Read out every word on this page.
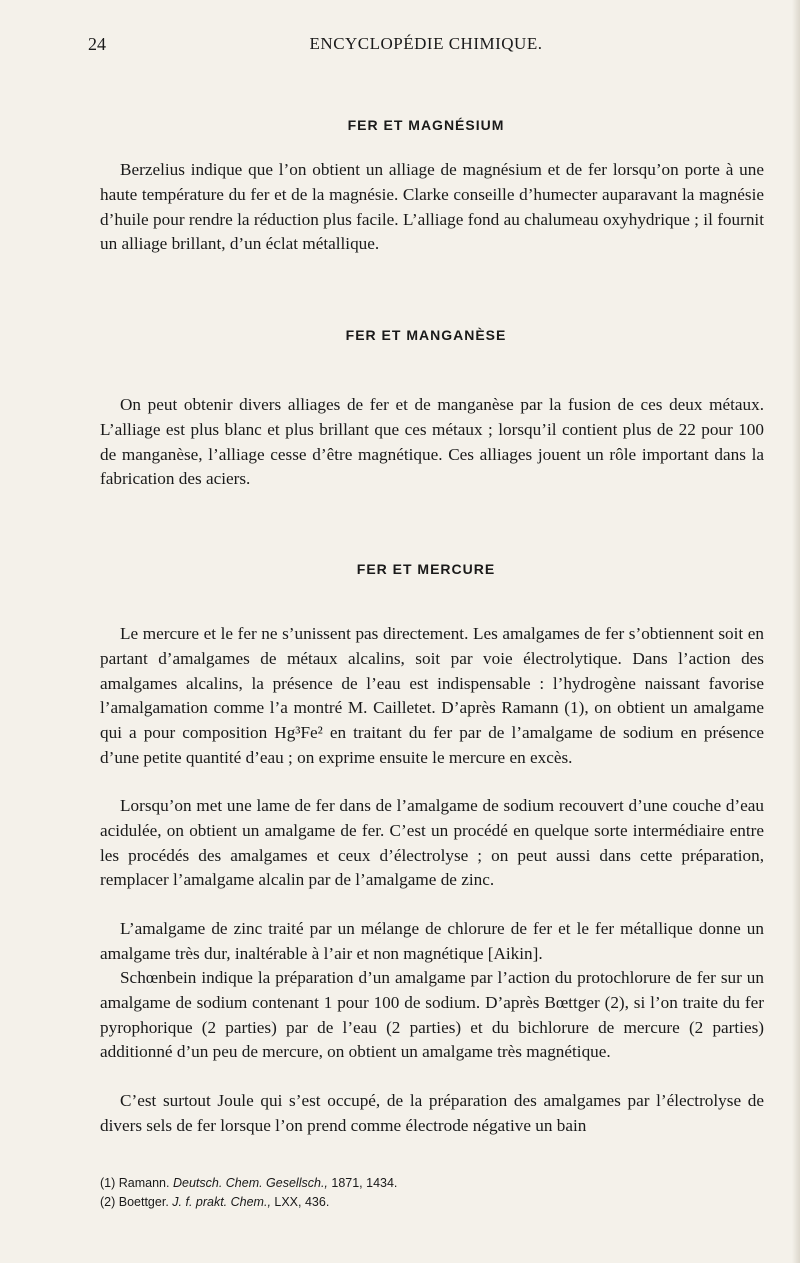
24	ENCYCLOPÉDIE CHIMIQUE.
FER ET MAGNÉSIUM

Berzelius indique que l’on obtient un alliage de magnésium et de fer lorsqu’on porte à une haute température du fer et de la magnésie. Clarke conseille d’humecter auparavant la magnésie d’huile pour rendre la réduction plus facile. L’alliage fond au chalumeau oxyhydrique ; il fournit un alliage brillant, d’un éclat métallique.

FER ET MANGANÈSE

On peut obtenir divers alliages de fer et de manganèse par la fusion de ces deux métaux. L’alliage est plus blanc et plus brillant que ces métaux ; lorsqu’il contient plus de 22 pour 100 de manganèse, l’alliage cesse d’être magnétique. Ces alliages jouent un rôle important dans la fabrication des aciers.

FER ET MERCURE

Le mercure et le fer ne s’unissent pas directement. Les amalgames de fer s’obtiennent soit en partant d’amalgames de métaux alcalins, soit par voie électrolytique. Dans l’action des amalgames alcalins, la présence de l’eau est indispensable : l’hydrogène naissant favorise l’amalgamation comme l’a montré M. Cailletet. D’après Ramann (1), on obtient un amalgame qui a pour composition Hg³Fe² en traitant du fer par de l’amalgame de sodium en présence d’une petite quantité d’eau ; on exprime ensuite le mercure en excès.

Lorsqu’on met une lame de fer dans de l’amalgame de sodium recouvert d’une couche d’eau acidulée, on obtient un amalgame de fer. C’est un procédé en quelque sorte intermédiaire entre les procédés des amalgames et ceux d’électrolyse ; on peut aussi dans cette préparation, remplacer l’amalgame alcalin par de l’amalgame de zinc.

L’amalgame de zinc traité par un mélange de chlorure de fer et le fer métallique donne un amalgame très dur, inaltérable à l’air et non magnétique [Aikin].

Schœnbein indique la préparation d’un amalgame par l’action du protochlorure de fer sur un amalgame de sodium contenant 1 pour 100 de sodium. D’après Bœttger (2), si l’on traite du fer pyrophorique (2 parties) par de l’eau (2 parties) et du bichlorure de mercure (2 parties) additionné d’un peu de mercure, on obtient un amalgame très magnétique.

C’est surtout Joule qui s’est occupé, de la préparation des amalgames par l’électrolyse de divers sels de fer lorsque l’on prend comme électrode négative un bain

(1) Ramann. Deutsch. Chem. Gesellsch., 1871, 1434.
(2) Boettger. J. f. prakt. Chem., LXX, 436.
